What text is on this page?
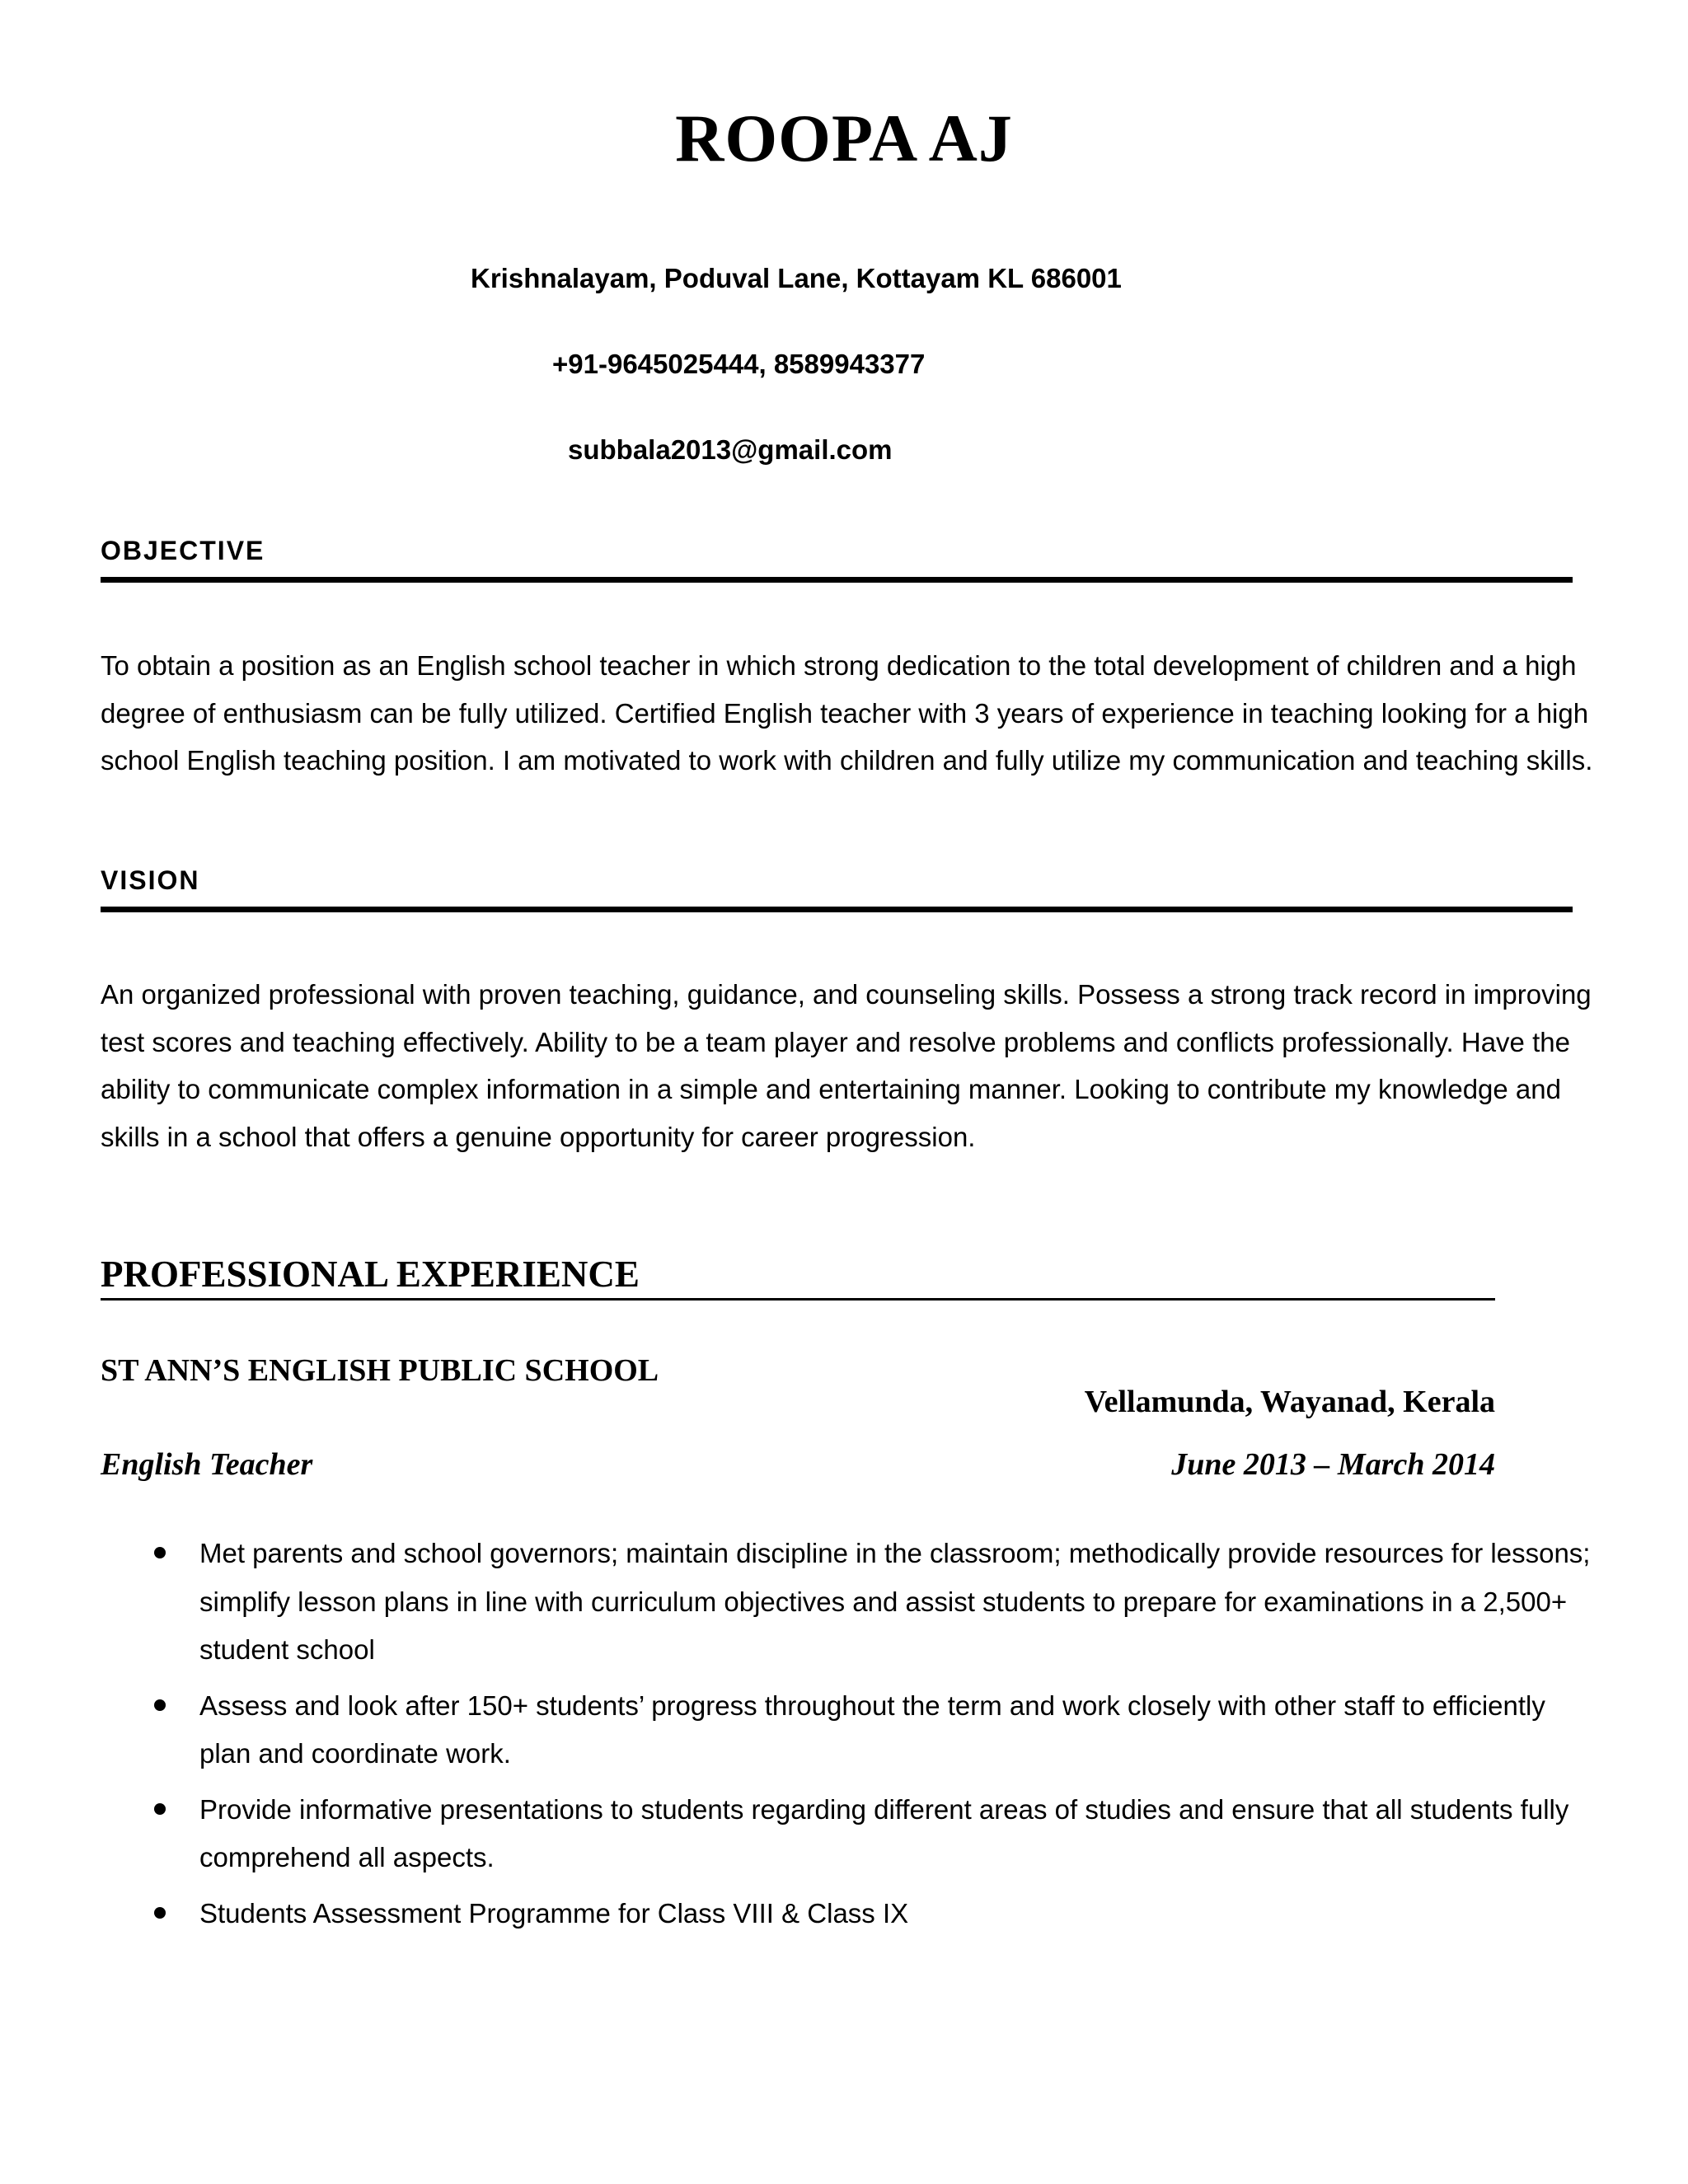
ROOPA AJ
Krishnalayam, Poduval Lane, Kottayam KL 686001
+91-9645025444, 8589943377
subbala2013@gmail.com
OBJECTIVE
To obtain a position as an English school teacher in which strong dedication to the total development of children and a high degree of enthusiasm can be fully utilized. Certified English teacher with 3 years of experience in teaching looking for a high school English teaching position. I am motivated to work with children and fully utilize my communication and teaching skills.
VISION
An organized professional with proven teaching, guidance, and counseling skills. Possess a strong track record in improving test scores and teaching effectively. Ability to be a team player and resolve problems and conflicts professionally. Have the ability to communicate complex information in a simple and entertaining manner. Looking to contribute my knowledge and skills in a school that offers a genuine opportunity for career progression.
PROFESSIONAL EXPERIENCE
ST ANN’S ENGLISH PUBLIC SCHOOL
Vellamunda, Wayanad, Kerala
English Teacher	June 2013 – March 2014
Met parents and school governors; maintain discipline in the classroom; methodically provide resources for lessons; simplify lesson plans in line with curriculum objectives and assist students to prepare for examinations in a 2,500+ student school
Assess and look after 150+ students’ progress throughout the term and work closely with other staff to efficiently plan and coordinate work.
Provide informative presentations to students regarding different areas of studies and ensure that all students fully comprehend all aspects.
Students Assessment Programme for Class VIII & Class IX
